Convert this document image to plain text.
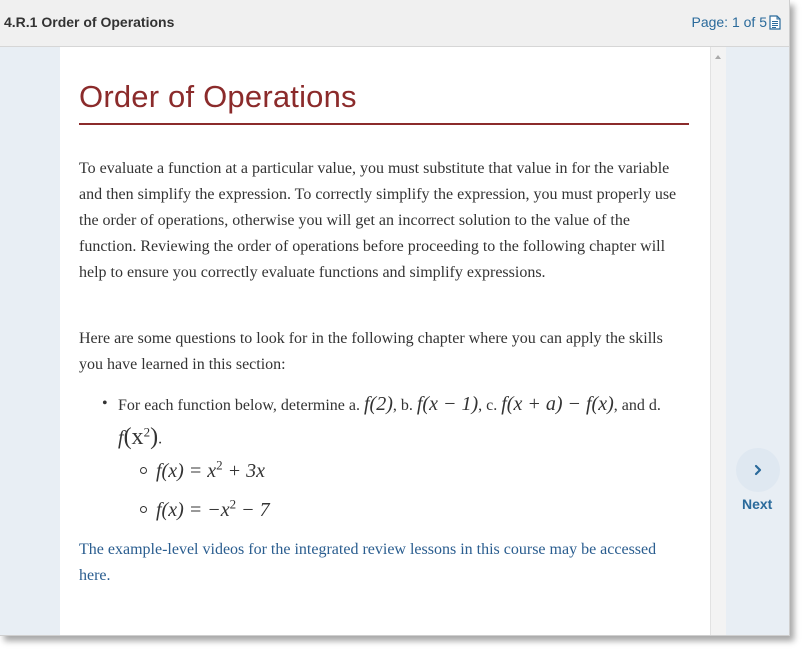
4.R.1 Order of Operations	Page: 1 of 5
Order of Operations
To evaluate a function at a particular value, you must substitute that value in for the variable and then simplify the expression. To correctly simplify the expression, you must properly use the order of operations, otherwise you will get an incorrect solution to the value of the function. Reviewing the order of operations before proceeding to the following chapter will help to ensure you correctly evaluate functions and simplify expressions.
Here are some questions to look for in the following chapter where you can apply the skills you have learned in this section:
• For each function below, determine a. f(2), b. f(x − 1), c. f(x + a) − f(x), and d. $f(x^2)$.
$f(x) = x^2 + 3x$
$f(x) = -x^2 - 7$
The example-level videos for the integrated review lessons in this course may be accessed here.
Next
